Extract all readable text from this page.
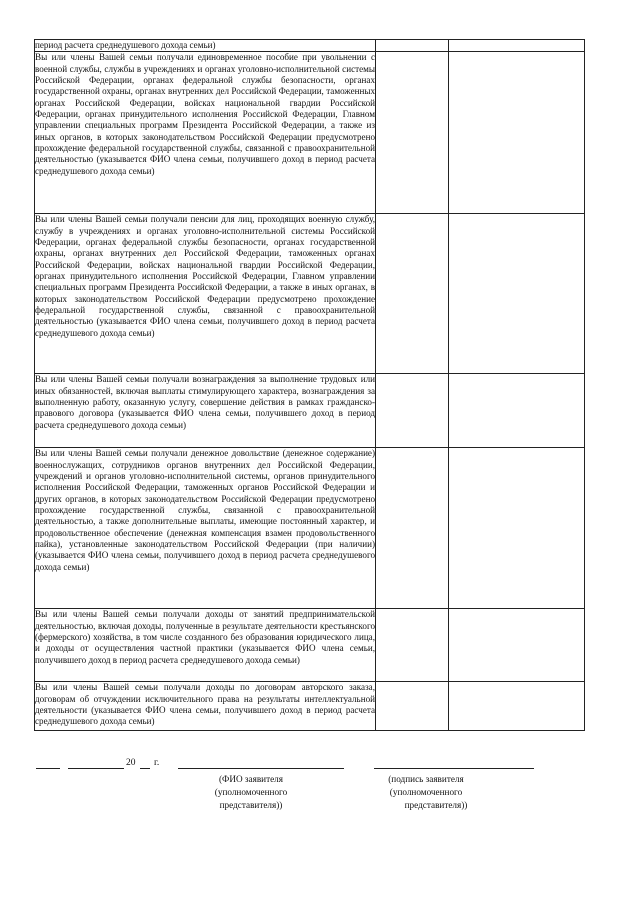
период расчета среднедушевого дохода семьи)		
Вы или члены Вашей семьи получали единовременное пособие при увольнении с военной службы, службы в учреждениях и органах уголовно-исполнительной системы Российской Федерации, органах федеральной службы безопасности, органах государственной охраны, органах внутренних дел Российской Федерации, таможенных органах Российской Федерации, войсках национальной гвардии Российской Федерации, органах принудительного исполнения Российской Федерации, Главном управлении специальных программ Президента Российской Федерации, а также из иных органов, в которых законодательством Российской Федерации предусмотрено прохождение федеральной государственной службы, связанной с правоохранительной деятельностью (указывается ФИО члена семьи, получившего доход в период расчета среднедушевого дохода семьи)		
Вы или члены Вашей семьи получали пенсии для лиц, проходящих военную службу, службу в учреждениях и органах уголовно-исполнительной системы Российской Федерации, органах федеральной службы безопасности, органах государственной охраны, органах внутренних дел Российской Федерации, таможенных органах Российской Федерации, войсках национальной гвардии Российской Федерации, органах принудительного исполнения Российской Федерации, Главном управлении специальных программ Президента Российской Федерации, а также в иных органах, в которых законодательством Российской Федерации предусмотрено прохождение федеральной государственной службы, связанной с правоохранительной деятельностью (указывается ФИО члена семьи, получившего доход в период расчета среднедушевого дохода семьи)		
Вы или члены Вашей семьи получали вознаграждения за выполнение трудовых или иных обязанностей, включая выплаты стимулирующего характера, вознаграждения за выполненную работу, оказанную услугу, совершение действия в рамках гражданско-правового договора (указывается ФИО члена семьи, получившего доход в период расчета среднедушевого дохода семьи)		
Вы или члены Вашей семьи получали денежное довольствие (денежное содержание) военнослужащих, сотрудников органов внутренних дел Российской Федерации, учреждений и органов уголовно-исполнительной системы, органов принудительного исполнения Российской Федерации, таможенных органов Российской Федерации и других органов, в которых законодательством Российской Федерации предусмотрено прохождение государственной службы, связанной с правоохранительной деятельностью, а также дополнительные выплаты, имеющие постоянный характер, и продовольственное обеспечение (денежная компенсация взамен продовольственного пайка), установленные законодательством Российской Федерации (при наличии) (указывается ФИО члена семьи, получившего доход в период расчета среднедушевого дохода семьи)		
Вы или члены Вашей семьи получали доходы от занятий предпринимательской деятельностью, включая доходы, полученные в результате деятельности крестьянского (фермерского) хозяйства, в том числе созданного без образования юридического лица, и доходы от осуществления частной практики (указывается ФИО члена семьи, получившего доход в период расчета среднедушевого дохода семьи)		
Вы или члены Вашей семьи получали доходы по договорам авторского заказа, договорам об отчуждении исключительного права на результаты интеллектуальной деятельности (указывается ФИО члена семьи, получившего доход в период расчета среднедушевого дохода семьи)		
20 г.
(ФИО заявителя
(уполномоченного
представителя))
(подпись заявителя
(уполномоченного
представителя))
